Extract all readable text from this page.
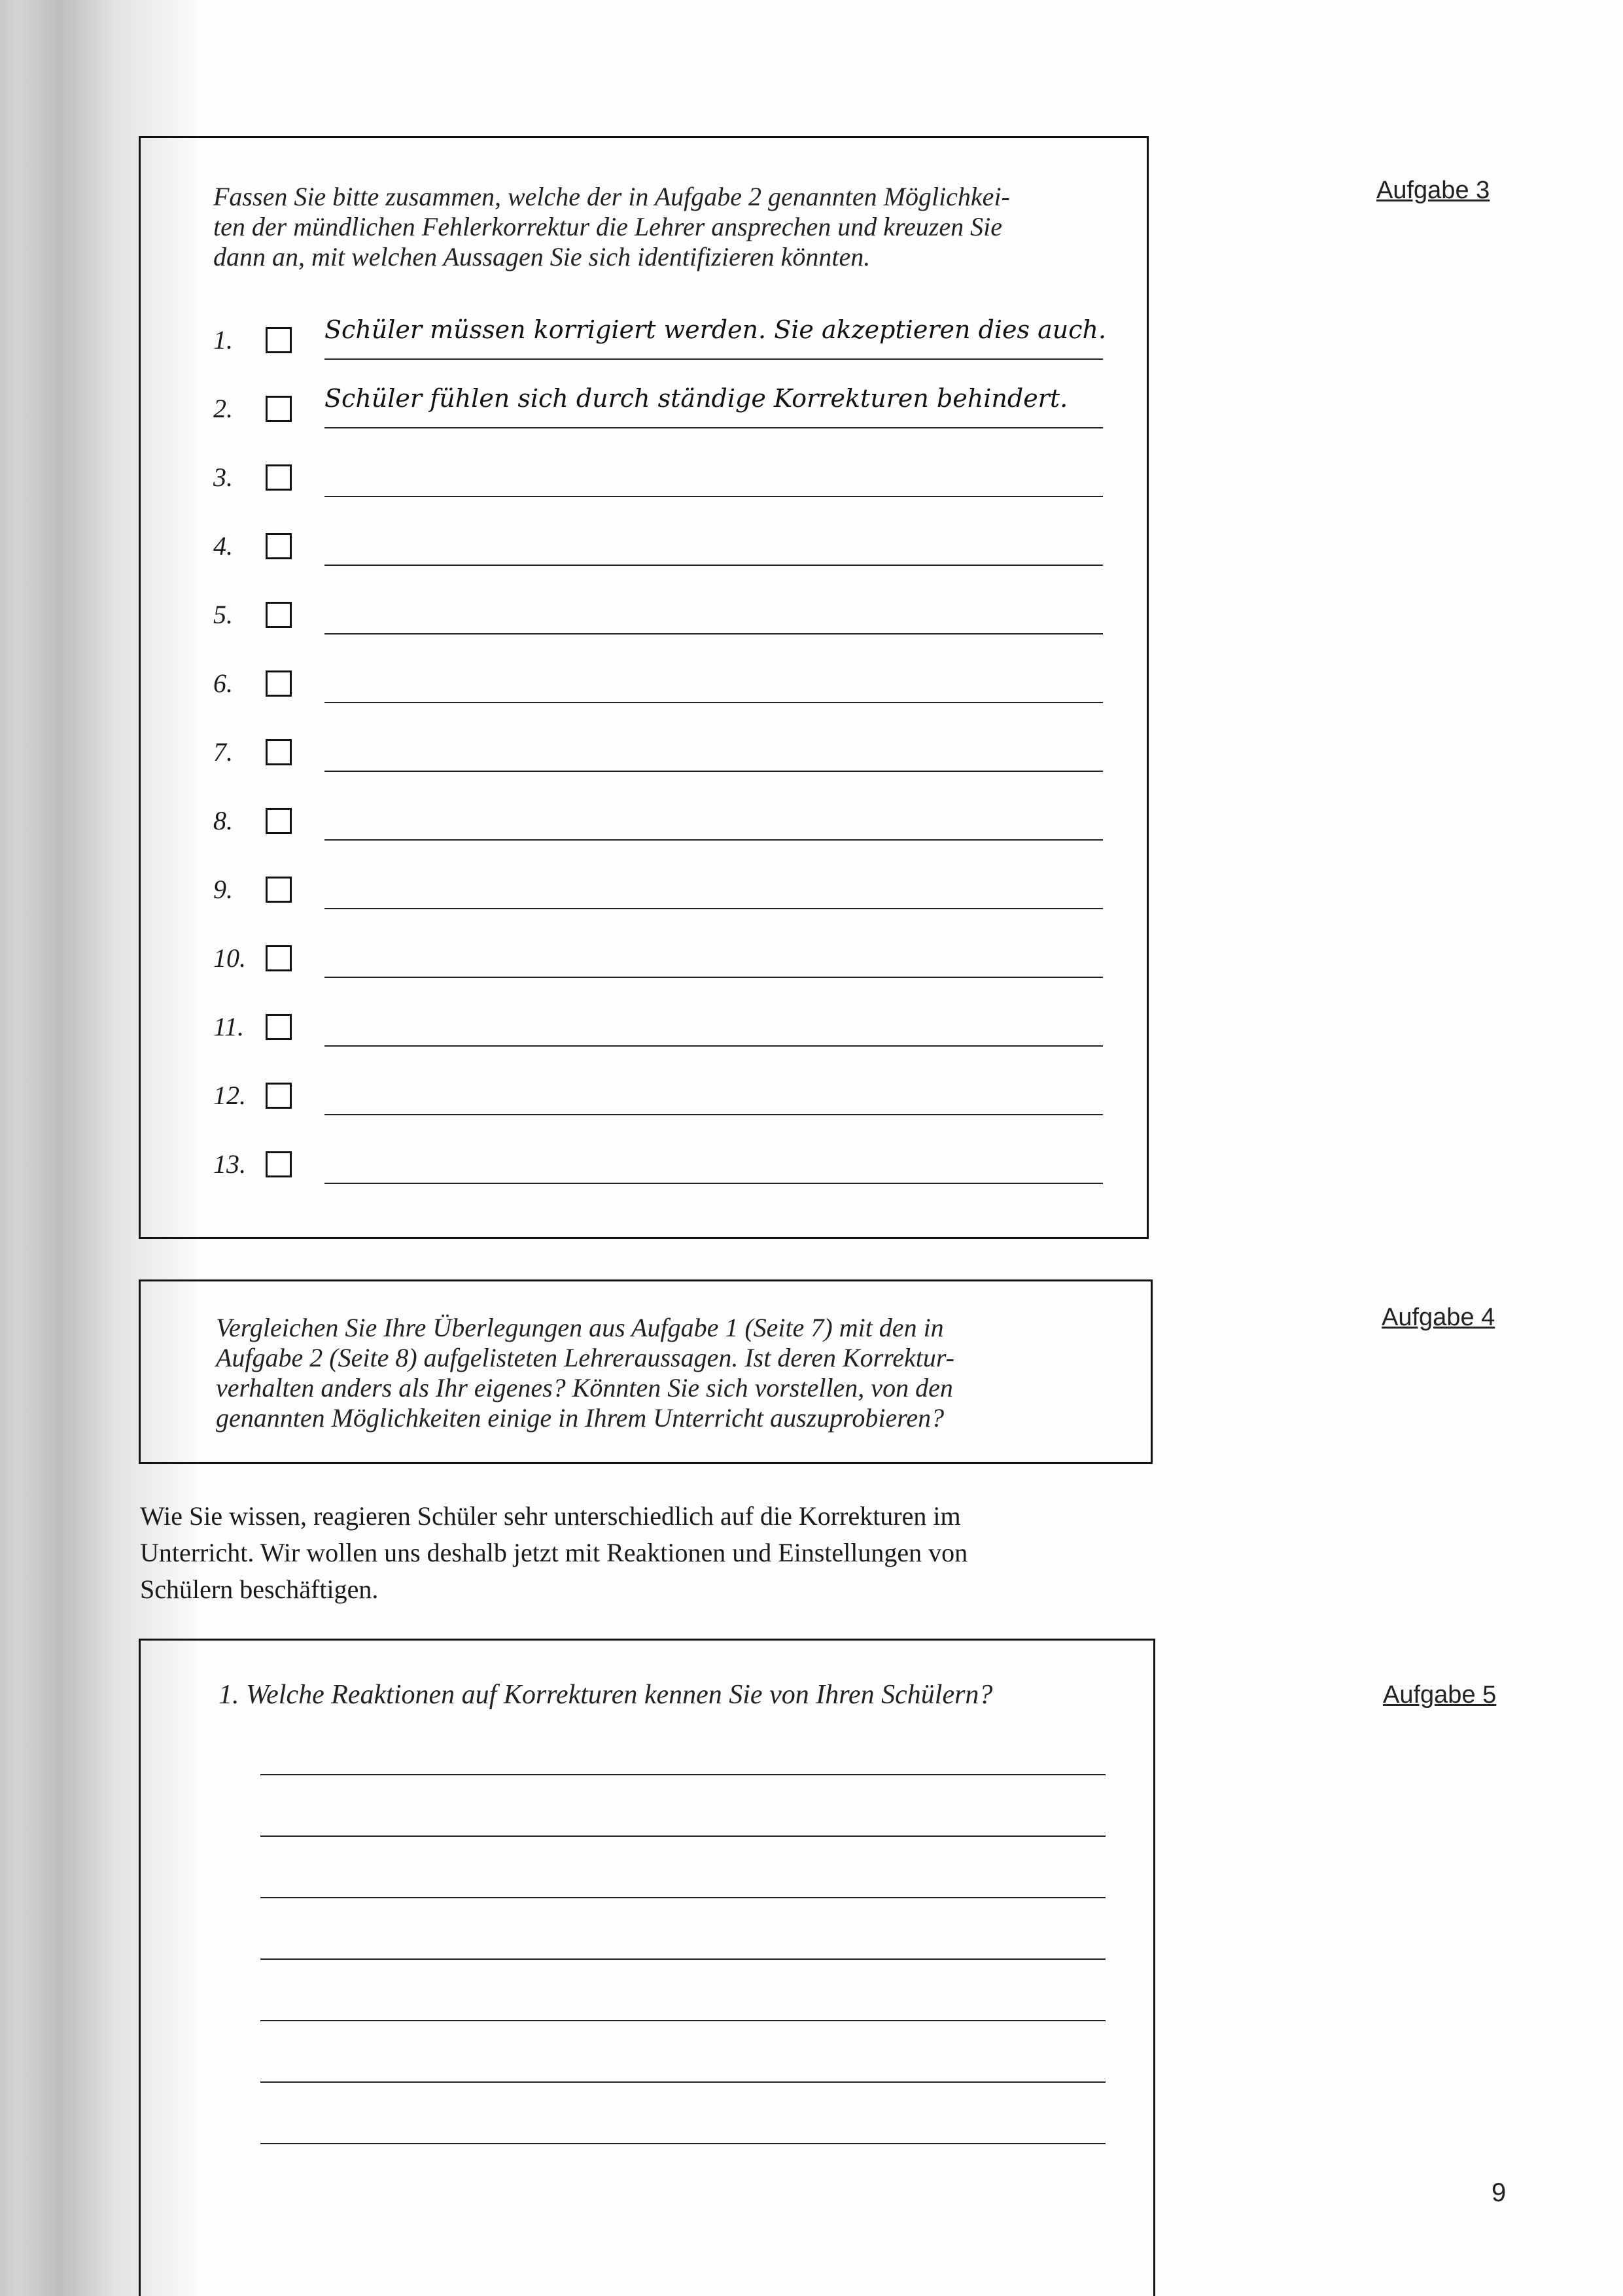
Aufgabe 3
Fassen Sie bitte zusammen, welche der in Aufgabe 2 genannten Möglichkei-
ten der mündlichen Fehlerkorrektur die Lehrer ansprechen und kreuzen Sie
dann an, mit welchen Aussagen Sie sich identifizieren könnten.
1.	Schüler müssen korrigiert werden. Sie akzeptieren dies auch.
2.	Schüler fühlen sich durch ständige Korrekturen behindert.
3.
4.
5.
6.
7.
8.
9.
10.
11.
12.
13.
Aufgabe 4
Vergleichen Sie Ihre Überlegungen aus Aufgabe 1 (Seite 7) mit den in
Aufgabe 2 (Seite 8) aufgelisteten Lehreraussagen. Ist deren Korrektur-
verhalten anders als Ihr eigenes? Könnten Sie sich vorstellen, von den
genannten Möglichkeiten einige in Ihrem Unterricht auszuprobieren?
Wie Sie wissen, reagieren Schüler sehr unterschiedlich auf die Korrekturen im
Unterricht. Wir wollen uns deshalb jetzt mit Reaktionen und Einstellungen von
Schülern beschäftigen.
Aufgabe 5
1. Welche Reaktionen auf Korrekturen kennen Sie von Ihren Schülern?
9
